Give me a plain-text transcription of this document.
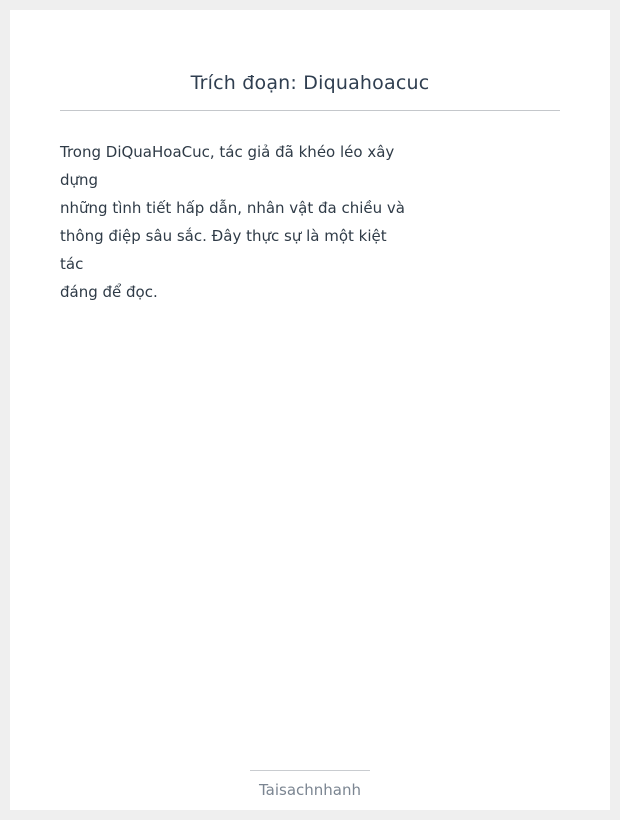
Trích đoạn: Diquahoacuc
Trong DiQuaHoaCuc, tác giả đã khéo léo xây
dựng
những tình tiết hấp dẫn, nhân vật đa chiều và
thông điệp sâu sắc. Đây thực sự là một kiệt
tác
đáng để đọc.
Taisachnhanh
